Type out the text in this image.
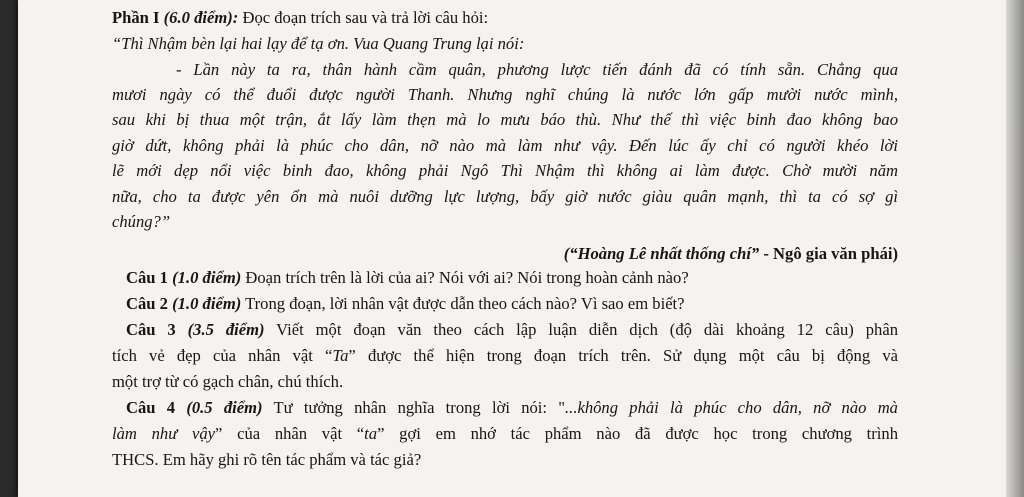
Phần I (6.0 điểm): Đọc đoạn trích sau và trả lời câu hỏi:
“Thì Nhậm bèn lại hai lạy để tạ ơn. Vua Quang Trung lại nói:
- Lần này ta ra, thân hành cầm quân, phương lược tiến đánh đã có tính sẵn. Chẳng qua
mươi ngày có thể đuổi được người Thanh. Nhưng nghĩ chúng là nước lớn gấp mười nước mình,
sau khi bị thua một trận, ắt lấy làm thẹn mà lo mưu báo thù. Như thế thì việc binh đao không bao
giờ dứt, không phải là phúc cho dân, nỡ nào mà làm như vậy. Đến lúc ấy chỉ có người khéo lời
lẽ mới dẹp nổi việc binh đao, không phải Ngô Thì Nhậm thì không ai làm được. Chờ mười năm
nữa, cho ta được yên ổn mà nuôi dưỡng lực lượng, bấy giờ nước giàu quân mạnh, thì ta có sợ gì
chúng?”
(“Hoàng Lê nhất thống chí” - Ngô gia văn phái)
Câu 1 (1.0 điểm) Đoạn trích trên là lời của ai? Nói với ai? Nói trong hoàn cảnh nào?
Câu 2 (1.0 điểm) Trong đoạn, lời nhân vật được dẫn theo cách nào? Vì sao em biết?
Câu 3 (3.5 điểm) Viết một đoạn văn theo cách lập luận diễn dịch (độ dài khoảng 12 câu) phân
tích vẻ đẹp của nhân vật “Ta” được thể hiện trong đoạn trích trên. Sử dụng một câu bị động và
một trợ từ có gạch chân, chú thích.
Câu 4 (0.5 điểm) Tư tưởng nhân nghĩa trong lời nói: "...không phải là phúc cho dân, nỡ nào mà
làm như vậy” của nhân vật “ta” gợi em nhớ tác phẩm nào đã được học trong chương trình
THCS. Em hãy ghi rõ tên tác phẩm và tác giả?
